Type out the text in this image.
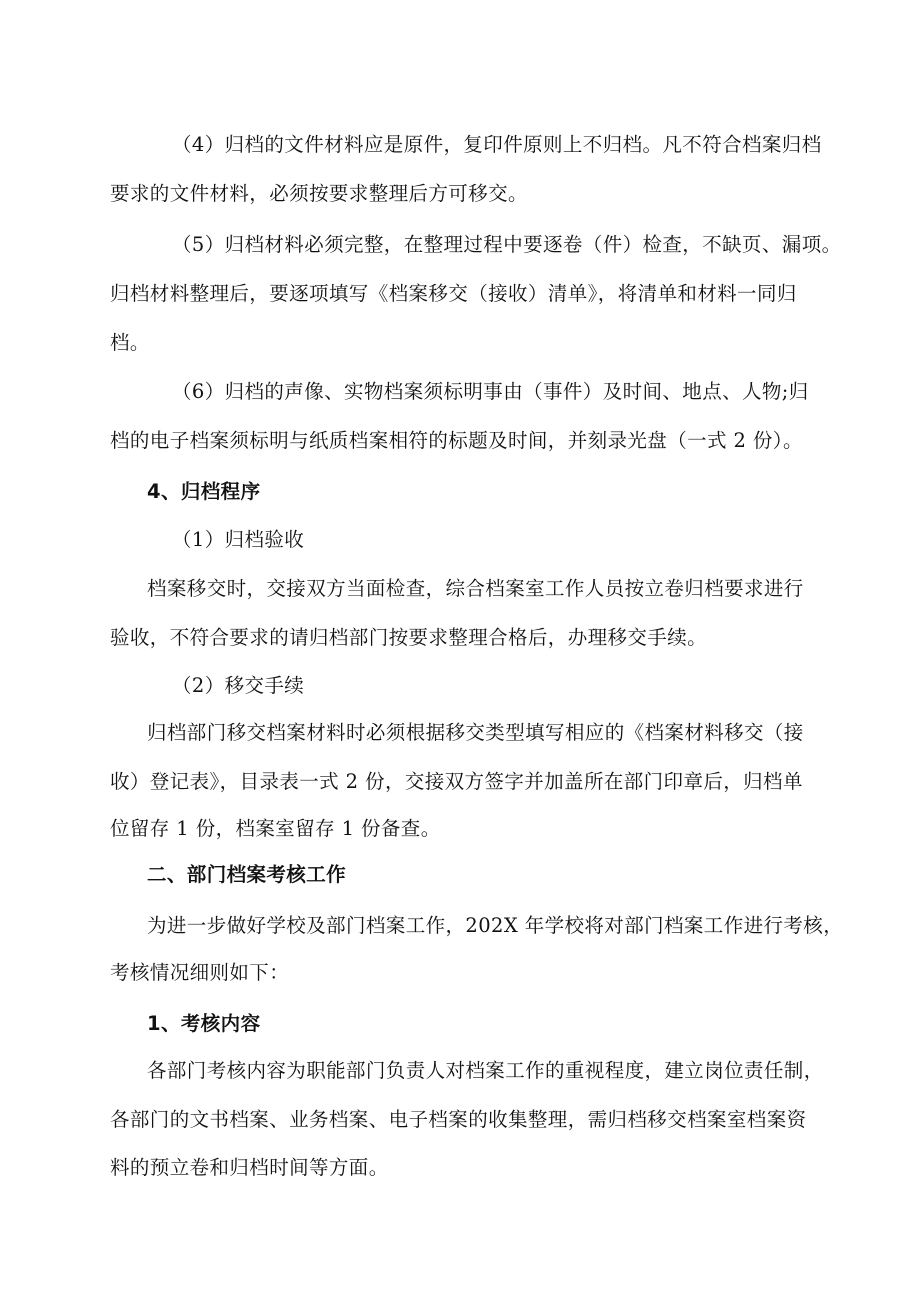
（4）归档的文件材料应是原件，复印件原则上不归档。凡不符合档案归档
要求的文件材料，必须按要求整理后方可移交。
（5）归档材料必须完整，在整理过程中要逐卷（件）检查，不缺页、漏项。
归档材料整理后，要逐项填写《档案移交（接收）清单》，将清单和材料一同归
档。
（6）归档的声像、实物档案须标明事由（事件）及时间、地点、人物;归
档的电子档案须标明与纸质档案相符的标题及时间，并刻录光盘（一式 2 份）。
4、归档程序
（1）归档验收
档案移交时，交接双方当面检查，综合档案室工作人员按立卷归档要求进行
验收，不符合要求的请归档部门按要求整理合格后，办理移交手续。
（2）移交手续
归档部门移交档案材料时必须根据移交类型填写相应的《档案材料移交（接
收）登记表》，目录表一式 2 份，交接双方签字并加盖所在部门印章后，归档单
位留存 1 份，档案室留存 1 份备查。
二、部门档案考核工作
为进一步做好学校及部门档案工作，202X 年学校将对部门档案工作进行考核，
考核情况细则如下：
1、考核内容
各部门考核内容为职能部门负责人对档案工作的重视程度，建立岗位责任制，
各部门的文书档案、业务档案、电子档案的收集整理，需归档移交档案室档案资
料的预立卷和归档时间等方面。
